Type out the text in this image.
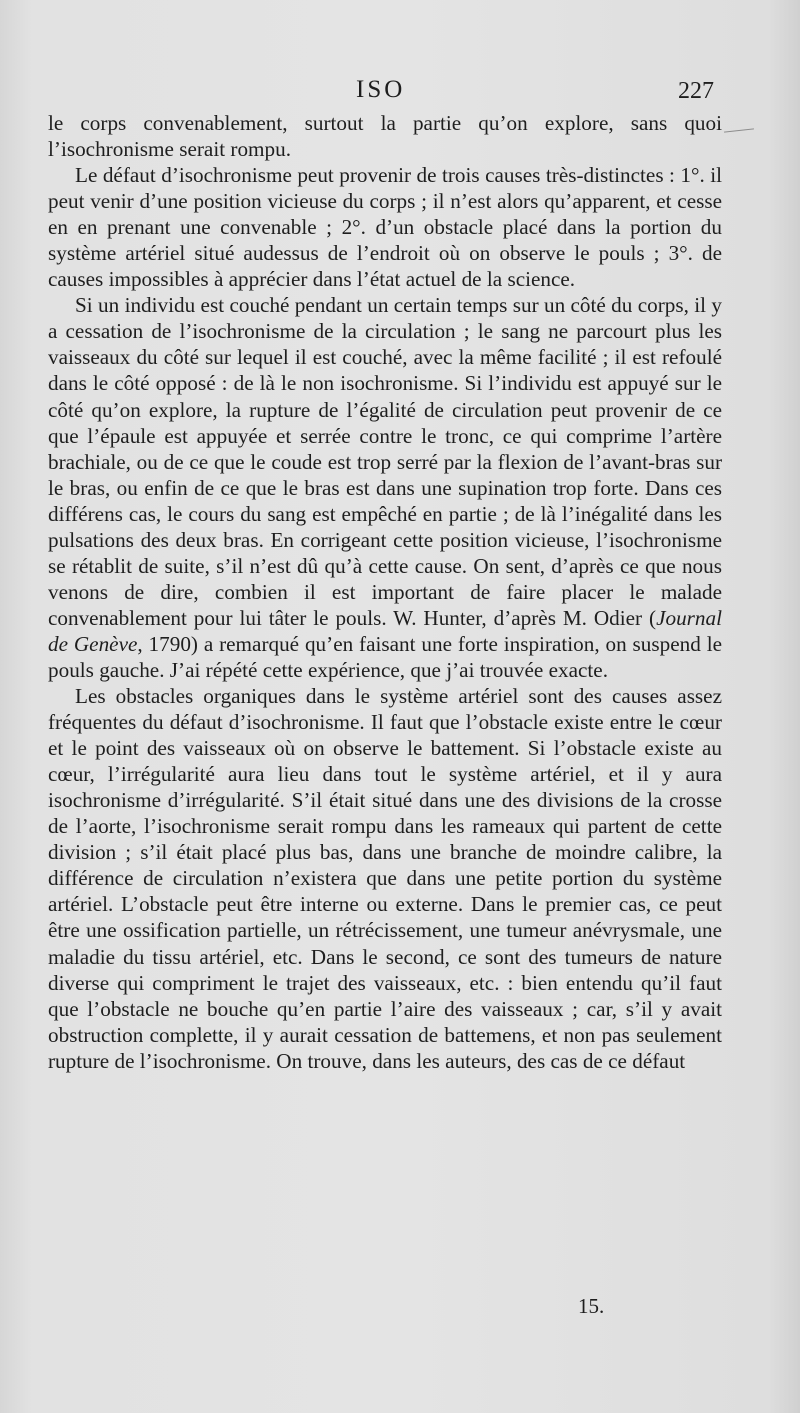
ISO	227

le corps convenablement, surtout la partie qu’on explore, sans quoi l’isochronisme serait rompu.

Le défaut d’isochronisme peut provenir de trois causes très-distinctes : 1°. il peut venir d’une position vicieuse du corps ; il n’est alors qu’apparent, et cesse en en prenant une convenable ; 2°. d’un obstacle placé dans la portion du système artériel situé audessus de l’endroit où on observe le pouls ; 3°. de causes impossibles à apprécier dans l’état actuel de la science.

Si un individu est couché pendant un certain temps sur un côté du corps, il y a cessation de l’isochronisme de la circulation ; le sang ne parcourt plus les vaisseaux du côté sur lequel il est couché, avec la même facilité ; il est refoulé dans le côté opposé : de là le non isochronisme. Si l’individu est appuyé sur le côté qu’on explore, la rupture de l’égalité de circulation peut provenir de ce que l’épaule est appuyée et serrée contre le tronc, ce qui comprime l’artère brachiale, ou de ce que le coude est trop serré par la flexion de l’avant-bras sur le bras, ou enfin de ce que le bras est dans une supination trop forte. Dans ces différens cas, le cours du sang est empêché en partie ; de là l’inégalité dans les pulsations des deux bras. En corrigeant cette position vicieuse, l’isochronisme se rétablit de suite, s’il n’est dû qu’à cette cause. On sent, d’après ce que nous venons de dire, combien il est important de faire placer le malade convenablement pour lui tâter le pouls. W. Hunter, d’après M. Odier (Journal de Genève, 1790) a remarqué qu’en faisant une forte inspiration, on suspend le pouls gauche. J’ai répété cette expérience, que j’ai trouvée exacte.

Les obstacles organiques dans le système artériel sont des causes assez fréquentes du défaut d’isochronisme. Il faut que l’obstacle existe entre le cœur et le point des vaisseaux où on observe le battement. Si l’obstacle existe au cœur, l’irrégularité aura lieu dans tout le système artériel, et il y aura isochronisme d’irrégularité. S’il était situé dans une des divisions de la crosse de l’aorte, l’isochronisme serait rompu dans les rameaux qui partent de cette division ; s’il était placé plus bas, dans une branche de moindre calibre, la différence de circulation n’existera que dans une petite portion du système artériel. L’obstacle peut être interne ou externe. Dans le premier cas, ce peut être une ossification partielle, un rétrécissement, une tumeur anévrysmale, une maladie du tissu artériel, etc. Dans le second, ce sont des tumeurs de nature diverse qui compriment le trajet des vaisseaux, etc. : bien entendu qu’il faut que l’obstacle ne bouche qu’en partie l’aire des vaisseaux ; car, s’il y avait obstruction complette, il y aurait cessation de battemens, et non pas seulement rupture de l’isochronisme. On trouve, dans les auteurs, des cas de ce défaut

15.
